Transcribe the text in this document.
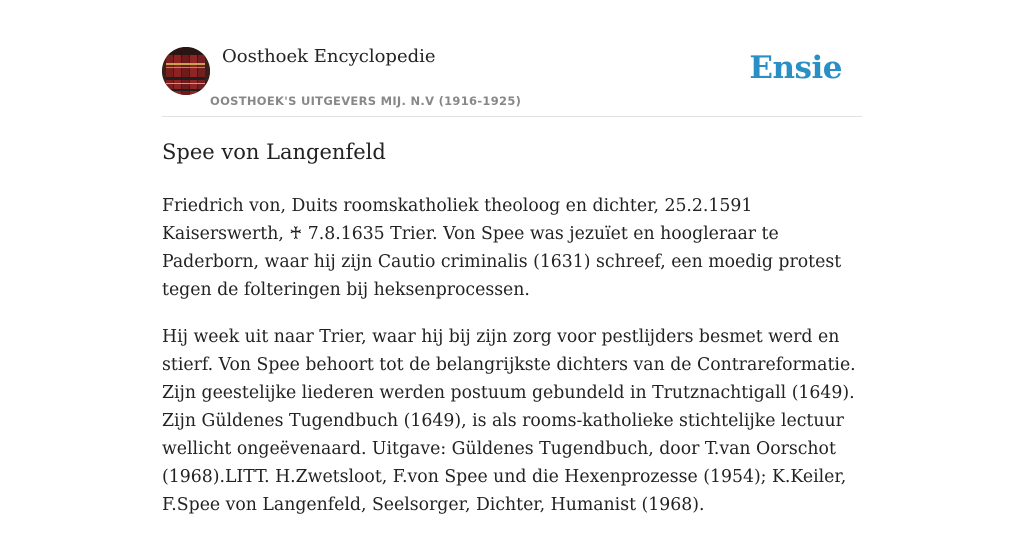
Oosthoek Encyclopedie
OOSTHOEK'S UITGEVERS MIJ. N.V (1916-1925)
Ensie
Spee von Langenfeld

Friedrich von, Duits roomskatholiek theoloog en dichter, 25.2.1591 Kaiserswerth, ♰ 7.8.1635 Trier. Von Spee was jezuïet en hoogleraar te Paderborn, waar hij zijn Cautio criminalis (1631) schreef, een moedig protest tegen de folteringen bij heksenprocessen.

Hij week uit naar Trier, waar hij bij zijn zorg voor pestlijders besmet werd en stierf. Von Spee behoort tot de belangrijkste dichters van de Contrareformatie. Zijn geestelijke liederen werden postuum gebundeld in Trutznachtigall (1649). Zijn Güldenes Tugendbuch (1649), is als rooms-katholieke stichtelijke lectuur wellicht ongeëvenaard. Uitgave: Güldenes Tugendbuch, door T.van Oorschot (1968).LITT. H.Zwetsloot, F.von Spee und die Hexenprozesse (1954); K.Keiler, F.Spee von Langenfeld, Seelsorger, Dichter, Humanist (1968).
